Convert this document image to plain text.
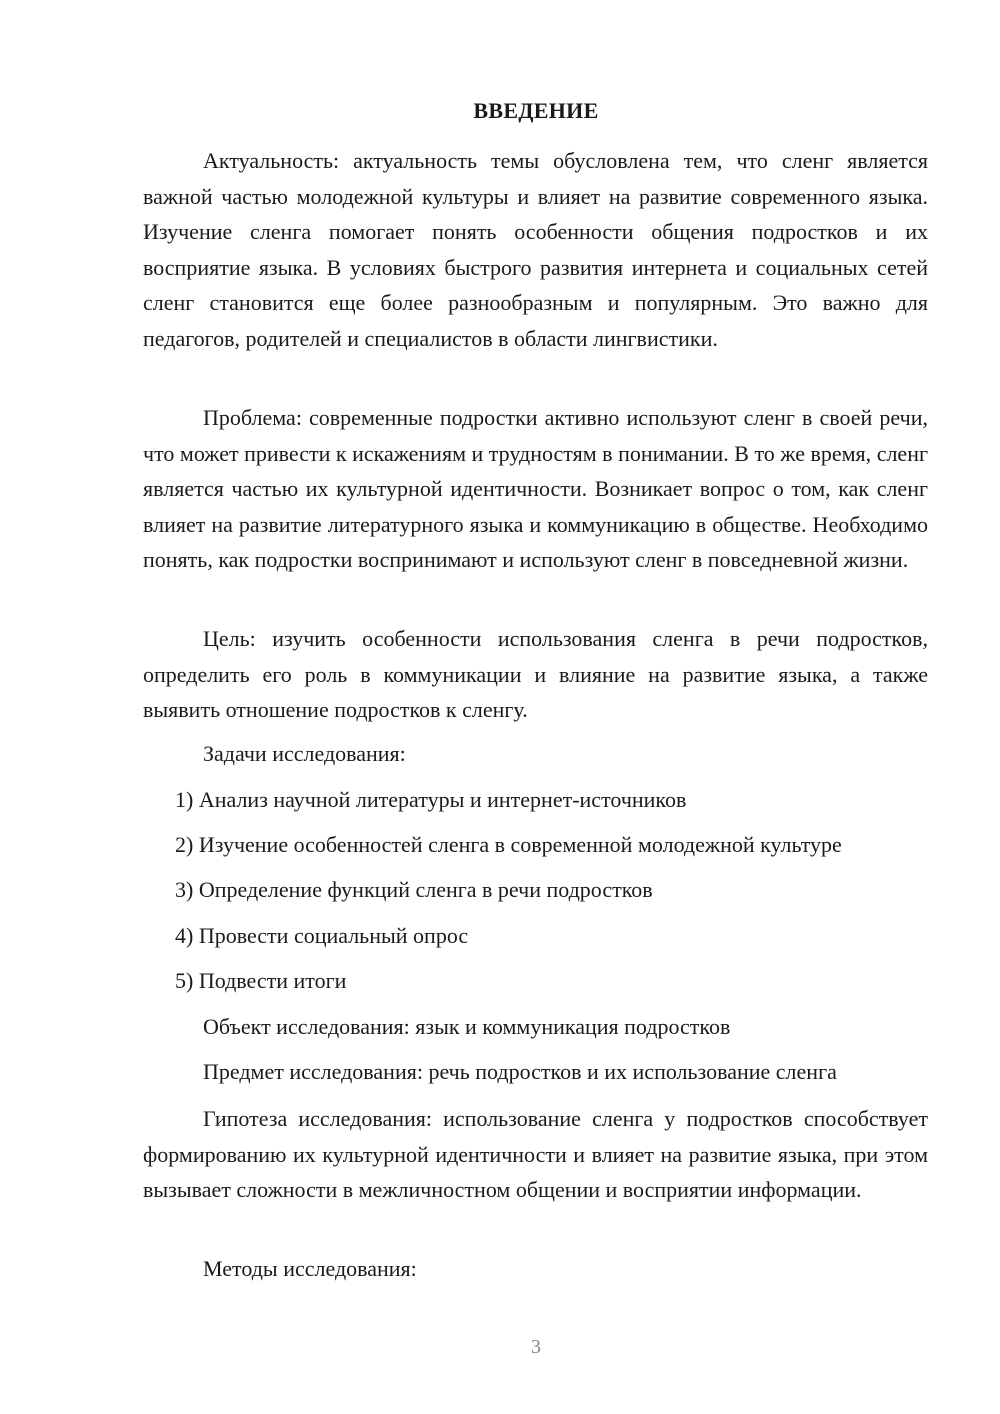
ВВЕДЕНИЕ
Актуальность: актуальность темы обусловлена тем, что сленг является важной частью молодежной культуры и влияет на развитие современного языка. Изучение сленга помогает понять особенности общения подростков и их восприятие языка. В условиях быстрого развития интернета и социальных сетей сленг становится еще более разнообразным и популярным. Это важно для педагогов, родителей и специалистов в области лингвистики.
Проблема: современные подростки активно используют сленг в своей речи, что может привести к искажениям и трудностям в понимании. В то же время, сленг является частью их культурной идентичности. Возникает вопрос о том, как сленг влияет на развитие литературного языка и коммуникацию в обществе. Необходимо понять, как подростки воспринимают и используют сленг в повседневной жизни.
Цель: изучить особенности использования сленга в речи подростков, определить его роль в коммуникации и влияние на развитие языка, а также выявить отношение подростков к сленгу.
Задачи исследования:
1) Анализ научной литературы и интернет-источников
2) Изучение особенностей сленга в современной молодежной культуре
3) Определение функций сленга в речи подростков
4) Провести социальный опрос
5) Подвести итоги
Объект исследования: язык и коммуникация подростков
Предмет исследования: речь подростков и их использование сленга
Гипотеза исследования: использование сленга у подростков способствует формированию их культурной идентичности и влияет на развитие языка, при этом вызывает сложности в межличностном общении и восприятии информации.
Методы исследования:
3
